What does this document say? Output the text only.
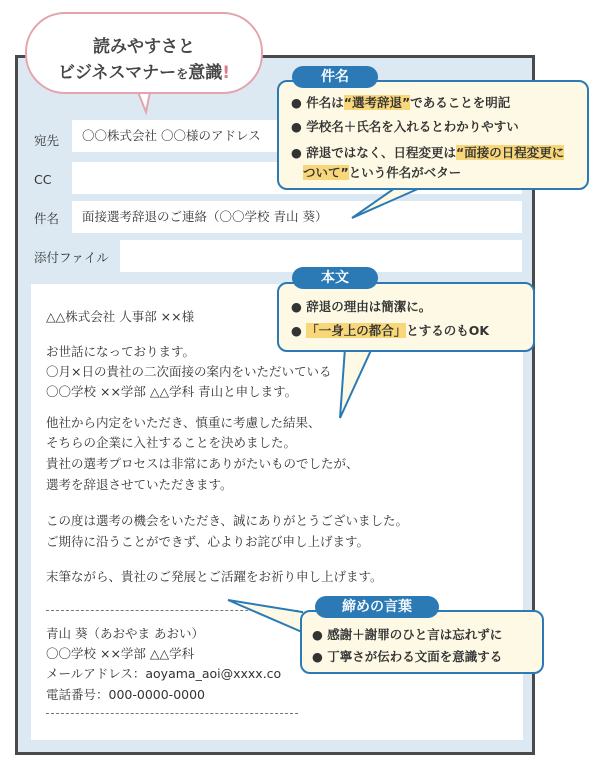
宛先	〇〇株式会社 〇〇様のアドレス
CC
件名	面接選考辞退のご連絡（〇〇学校 青山 葵）
添付ファイル
△△株式会社 人事部 ××様
お世話になっております。
〇月×日の貴社の二次面接の案内をいただいている
〇〇学校 ××学部 △△学科 青山と申します。
他社から内定をいただき、慎重に考慮した結果、
そちらの企業に入社することを決めました。
貴社の選考プロセスは非常にありがたいものでしたが、
選考を辞退させていただきます。
この度は選考の機会をいただき、誠にありがとうございました。
ご期待に沿うことができず、心よりお詫び申し上げます。
末筆ながら、貴社のご発展とご活躍をお祈り申し上げます。
青山 葵（あおやま あおい）
〇〇学校 ××学部 △△学科
メールアドレス：aoyama_aoi@xxxx.co
電話番号：000-0000-0000
読みやすさと
ビジネスマナーを意識!
● 件名は“選考辞退”であることを明記
● 学校名＋氏名を入れるとわかりやすい
● 辞退ではなく、日程変更は“面接の日程変更に
ついて”という件名がベター
件名
● 辞退の理由は簡潔に。
● 「一身上の都合」とするのもOK
本文
● 感謝＋謝罪のひと言は忘れずに
● 丁寧さが伝わる文面を意識する
締めの言葉
